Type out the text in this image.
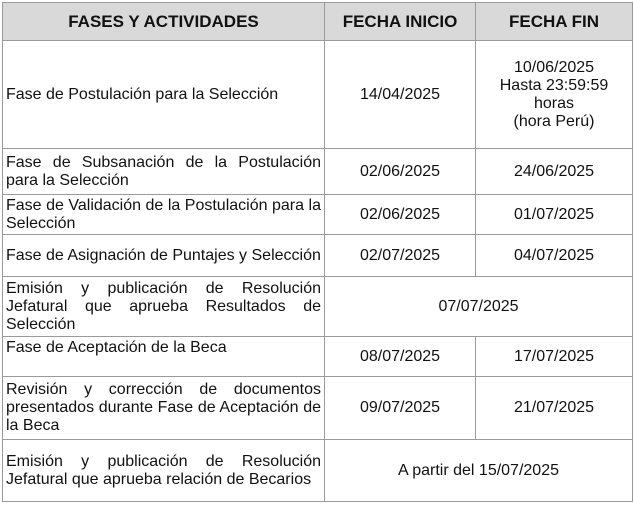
FASES Y ACTIVIDADES	FECHA INICIO	FECHA FIN
Fase de Postulación para la Selección	14/04/2025	10/06/2025
Hasta 23:59:59
horas
(hora Perú)

Fase de Subsanación de la Postulación para la Selección	02/06/2025	24/06/2025
Fase de Validación de la Postulación para la Selección	02/06/2025	01/07/2025
Fase de Asignación de Puntajes y Selección	02/07/2025	04/07/2025
Emisión y publicación de Resolución Jefatural que aprueba Resultados de Selección	07/07/2025	
Fase de Aceptación de la Beca	08/07/2025	17/07/2025
Revisión y corrección de documentos presentados durante Fase de Aceptación de la Beca	09/07/2025	21/07/2025
Emisión y publicación de Resolución Jefatural que aprueba relación de Becarios	A partir del 15/07/2025	
